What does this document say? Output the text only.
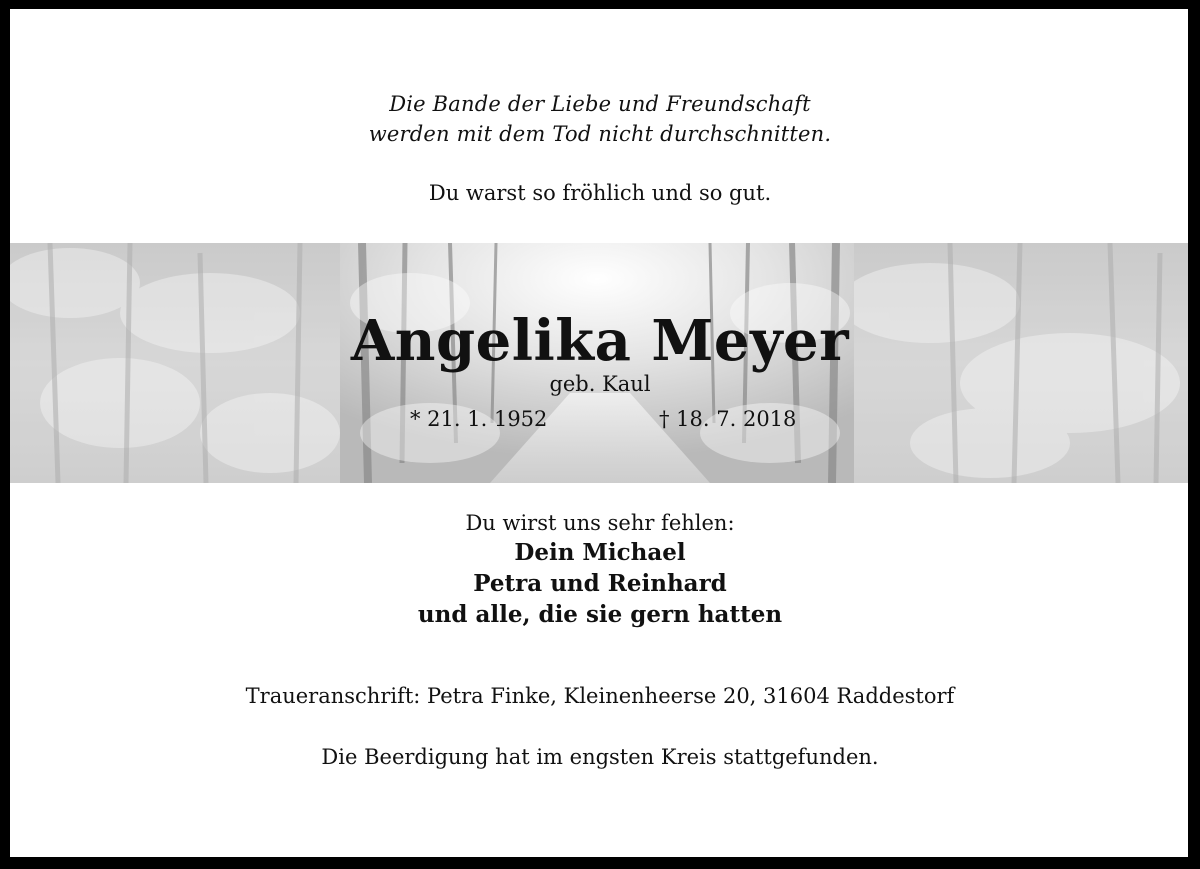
Die Bande der Liebe und Freundschaft
werden mit dem Tod nicht durchschnitten.
Du warst so fröhlich und so gut.
Angelika Meyer
geb. Kaul
* 21. 1. 1952	† 18. 7. 2018
Du wirst uns sehr fehlen:
Dein Michael
Petra und Reinhard
und alle, die sie gern hatten
Traueranschrift: Petra Finke, Kleinenheerse 20, 31604 Raddestorf
Die Beerdigung hat im engsten Kreis stattgefunden.
